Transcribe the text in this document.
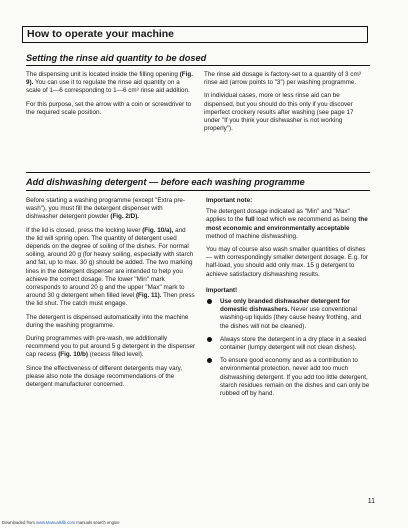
How to operate your machine
Setting the rinse aid quantity to be dosed

The dispensing unit is located inside the filling opening (Fig. 9). You can use it to regulate the rinse aid quantity on a scale of 1—6 corresponding to 1—6 cm³ rinse aid addition.

For this purpose, set the arrow with a coin or screwdriver to the required scale position.

The rinse aid dosage is factory-set to a quantity of 3 cm³ rinse aid (arrow points to "3") per washing programme.

In individual cases, more or less rinse aid can be dispensed, but you should do this only if you discover imperfect crockery results after washing (see page 17 under "If you think your dishwasher is not working properly").

Add dishwashing detergent — before each washing programme

Before starting a washing programme (except "Extra pre-wash"), you must fill the detergent dispenser with dishwasher detergent powder (Fig. 2/D).

If the lid is closed, press the locking lever (Fig. 10/a), and the lid will spring open. The quantity of detergent used depends on the degree of soiling of the dishes. For normal soiling, around 20 g (for heavy soiling, especially with starch and fat, up to max. 30 g) should be added. The two marking lines in the detergent dispenser are intended to help you achieve the correct dosage. The lower "Min" mark corresponds to around 20 g and the upper "Max" mark to around 30 g detergent when filled level (Fig. 11). Then press the lid shut. The catch must engage.

The detergent is dispensed automatically into the machine during the washing programme.

During programmes with pre-wash, we additionally recommend you to put around 5 g detergent in the dispenser cap recess (Fig. 10/b) (recess filled level).

Since the effectiveness of different detergents may vary, please also note the dosage recommendations of the detergent manufacturer concerned.

Important note:

The detergent dosage indicated as "Min" and "Max" applies to the full load which we recommend as being the most economic and environmentally acceptable method of machine dishwashing.

You may of course also wash smaller quantities of dishes — with correspondingly smaller detergent dosage. E.g. for half-load, you should add only max. 15 g detergent to achieve satisfactory dishwashing results.

Important!
Use only branded dishwasher detergent for domestic dishwashers. Never use conventional washing-up liquids (they cause heavy frothing, and the dishes will not be cleaned).
Always store the detergent in a dry place in a sealed container (lumpy detergent will not clean dishes).
To ensure good economy and as a contribution to environmental protection, never add too much dishwashing detergent. If you add too little detergent, starch residues remain on the dishes and can only be rubbed off by hand.
11
Downloaded from www.Manualslib.com manuals search engine
